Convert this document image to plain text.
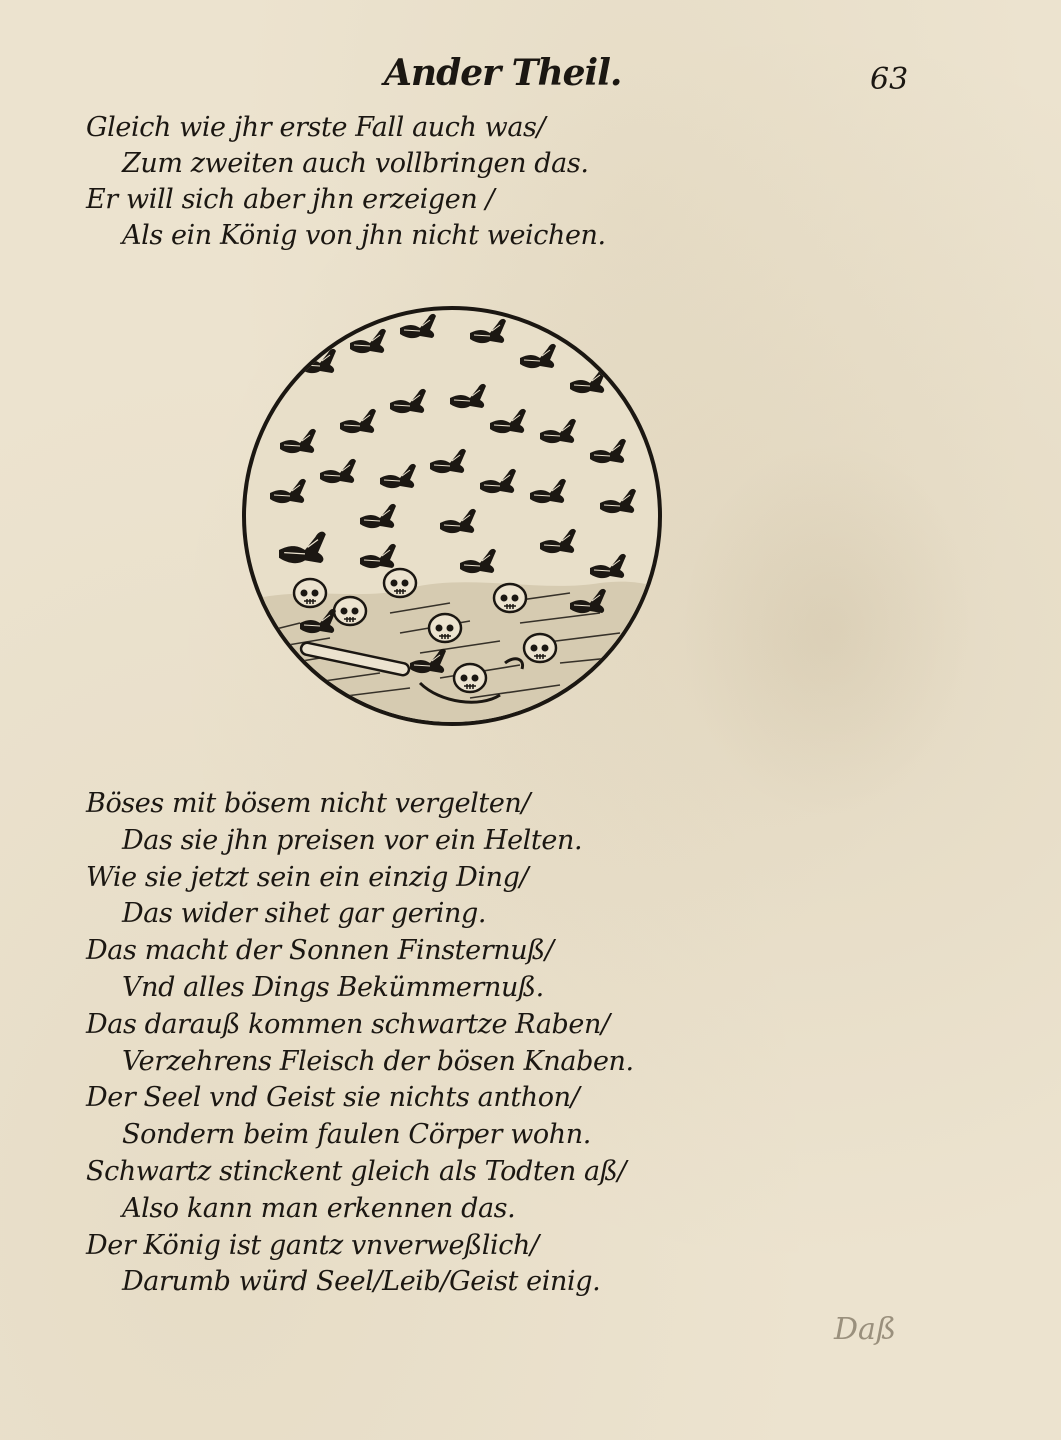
Ander Theil.	63
Gleich wie jhr erste Fall auch was/
Zum zweiten auch vollbringen das.
Er will sich aber jhn erzeigen /
Als ein König von jhn nicht weichen.
Böses mit bösem nicht vergelten/
Das sie jhn preisen vor ein Helten.
Wie sie jetzt sein ein einzig Ding/
Das wider sihet gar gering.
Das macht der Sonnen Finsternuß/
Vnd alles Dings Bekümmernuß.
Das darauß kommen schwartze Raben/
Verzehrens Fleisch der bösen Knaben.
Der Seel vnd Geist sie nichts anthon/
Sondern beim faulen Cörper wohn.
Schwartz stinckent gleich als Todten aß/
Also kann man erkennen das.
Der König ist gantz vnverweßlich/
Darumb würd Seel/Leib/Geist einig.
Daß
